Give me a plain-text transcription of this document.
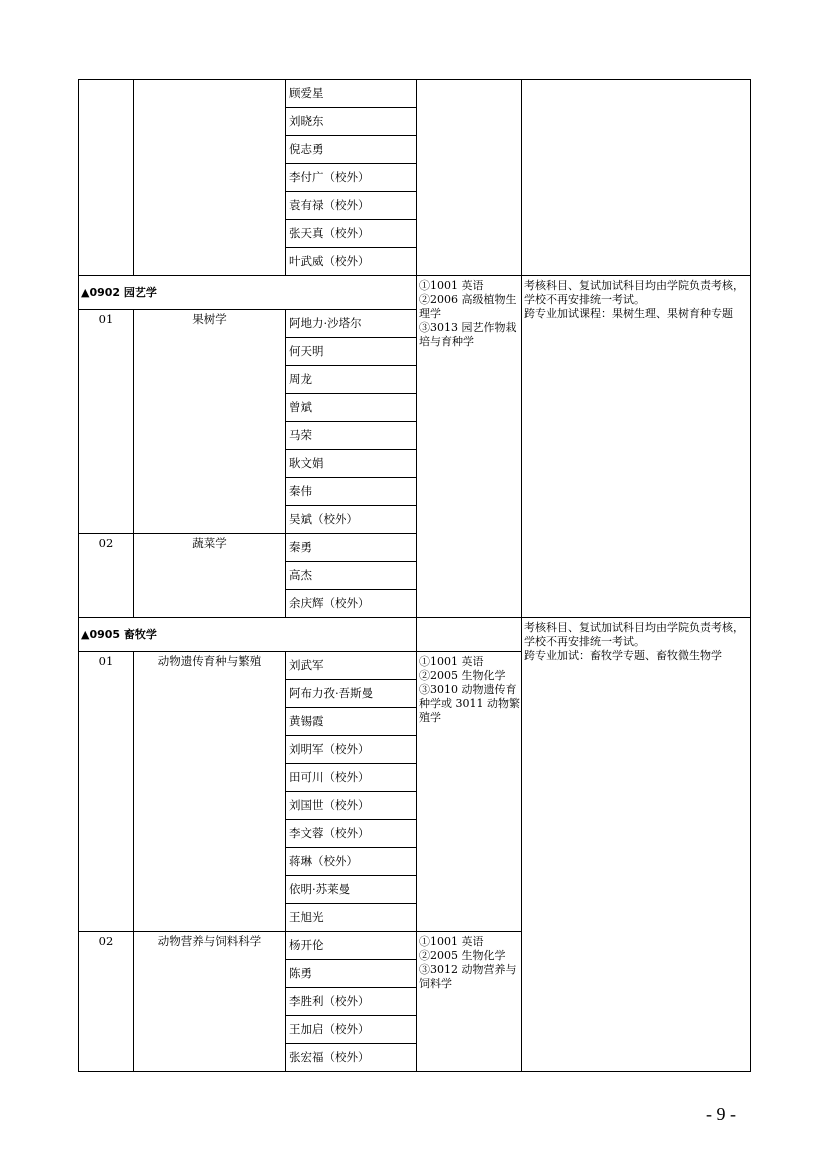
		顾爱星		
		刘晓东		
		倪志勇		
		李付广（校外）		
		袁有禄（校外）		
		张天真（校外）		
		叶武威（校外）		
▲0902 园艺学			①1001 英语
②2006 高级植物生理学
③3013 园艺作物栽培与育种学	考核科目、复试加试科目均由学院负责考核，学校不再安排统一考试。
跨专业加试课程：果树生理、果树育种专题
01	果树学	阿地力·沙塔尔		
		何天明		
		周龙		
		曾斌		
		马荣		
		耿文娟		
		秦伟		
		吴斌（校外）		
02	蔬菜学	秦勇		
		高杰		
		余庆辉（校外）		
▲0905 畜牧学				考核科目、复试加试科目均由学院负责考核，学校不再安排统一考试。
跨专业加试：畜牧学专题、畜牧微生物学
01	动物遗传育种与繁殖	刘武军	①1001 英语
②2005 生物化学
③3010 动物遗传育种学或 3011 动物繁殖学	
		阿布力孜·吾斯曼		
		黄锡霞		
		刘明军（校外）		
		田可川（校外）		
		刘国世（校外）		
		李文蓉（校外）		
		蒋琳（校外）		
		依明·苏莱曼		
		王旭光		
02	动物营养与饲料科学	杨开伦	①1001 英语
②2005 生物化学
③3012 动物营养与饲料学	
		陈勇		
		李胜利（校外）		
		王加启（校外）		
		张宏福（校外）		
- 9 -
